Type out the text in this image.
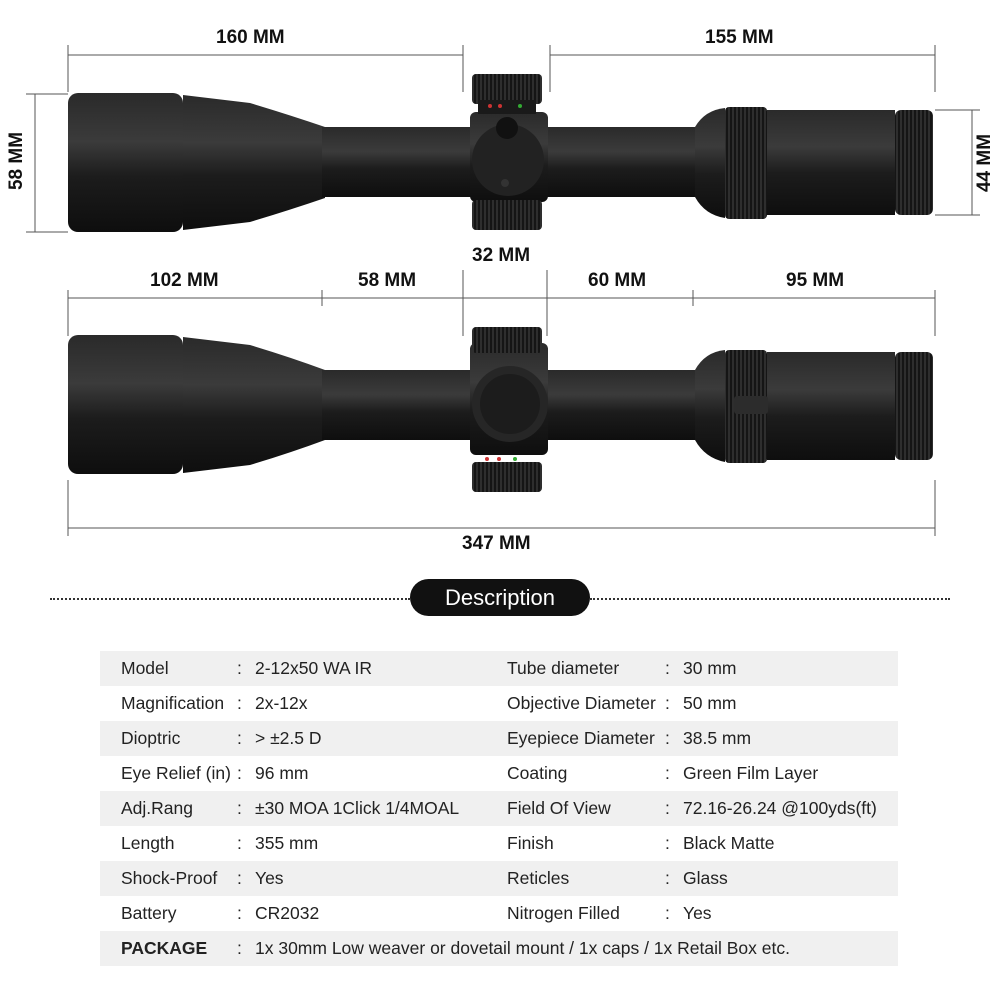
160 MM	155 MM
58 MM	44 MM
32 MM
102 MM	58 MM	60 MM	95 MM
347 MM
Description
Model	:	2-12x50 WA IR	Tube diameter	:	30 mm
Magnification	:	2x-12x	Objective Diameter	:	50 mm
Dioptric	:	> ±2.5 D	Eyepiece Diameter	:	38.5 mm
Eye Relief (in)	:	96 mm	Coating	:	Green Film Layer
Adj.Rang	:	±30 MOA 1Click 1/4MOAL	Field Of View	:	72.16-26.24 @100yds(ft)
Length	:	355 mm	Finish	:	Black Matte
Shock-Proof	:	Yes	Reticles	:	Glass
Battery	:	CR2032	Nitrogen Filled	:	Yes
PACKAGE	:	1x 30mm Low weaver or dovetail mount / 1x caps / 1x Retail Box etc.			
